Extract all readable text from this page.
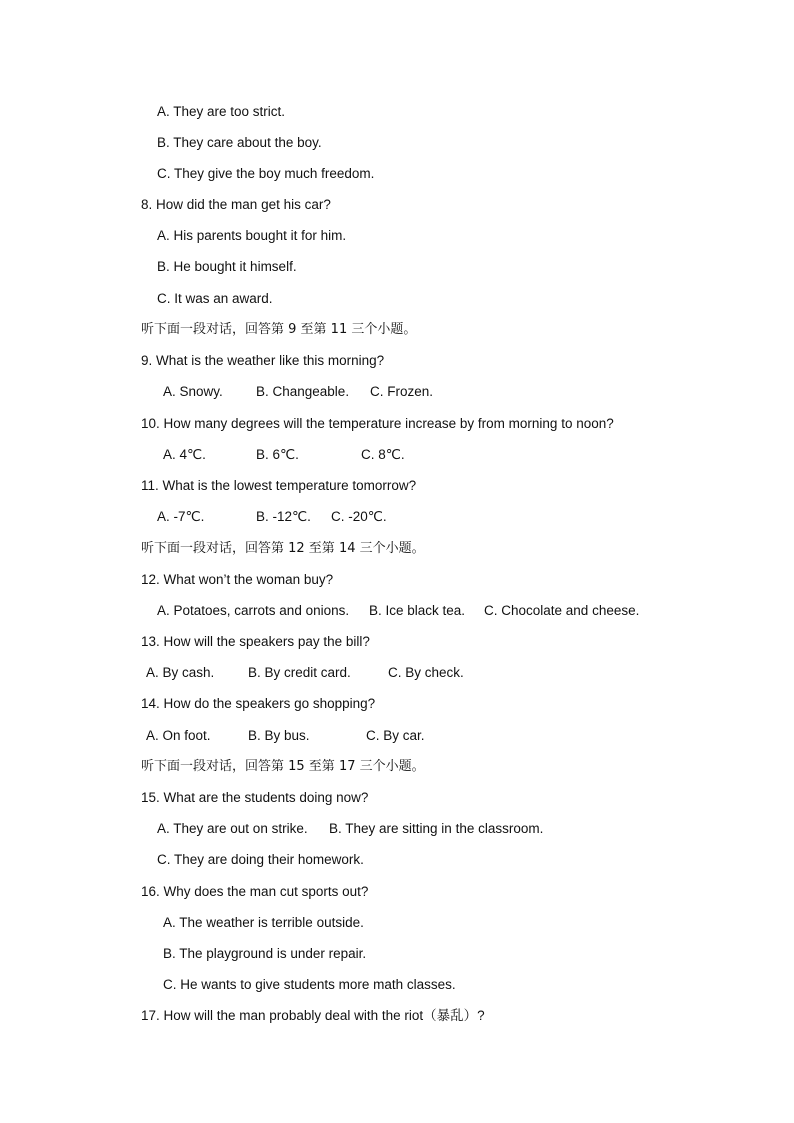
A. They are too strict.
B. They care about the boy.
C. They give the boy much freedom.
8. How did the man get his car?
A. His parents bought it for him.
B. He bought it himself.
C. It was an award.
听下面一段对话，回答第 9 至第 11 三个小题。
9. What is the weather like this morning?
A. Snowy. B. Changeable. C. Frozen.
10. How many degrees will the temperature increase by from morning to noon?
A. 4℃.	B. 6℃.	C. 8℃.
11. What is the lowest temperature tomorrow?
A. -7℃.	B. -12℃. C. -20℃.
听下面一段对话，回答第 12 至第 14 三个小题。
12. What won’t the woman buy?
A. Potatoes, carrots and onions. B. Ice black tea. C. Chocolate and cheese.
13. How will the speakers pay the bill?
A. By cash. B. By credit card.	C. By check.
14. How do the speakers go shopping?
A. On foot.	B. By bus.	C. By car.
听下面一段对话，回答第 15 至第 17 三个小题。
15. What are the students doing now?
A. They are out on strike. B. They are sitting in the classroom.
C. They are doing their homework.
16. Why does the man cut sports out?
A. The weather is terrible outside.
B. The playground is under repair.
C. He wants to give students more math classes.
17. How will the man probably deal with the riot（暴乱）?
